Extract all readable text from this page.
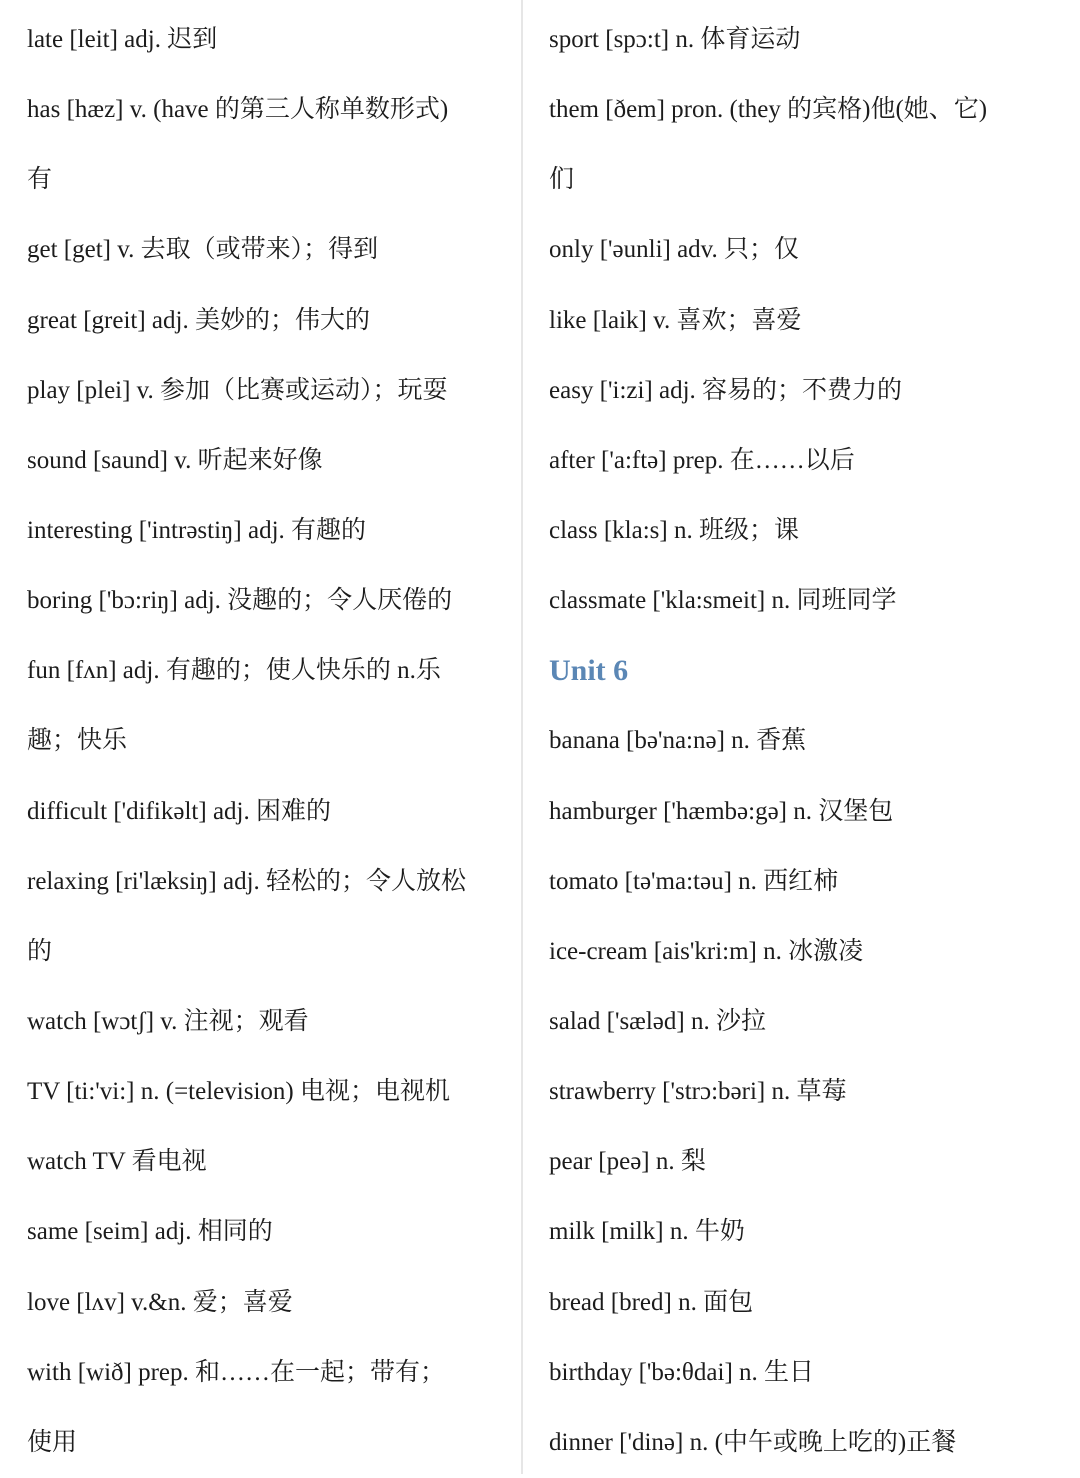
late [leit] adj. 迟到
has [hæz] v. (have 的第三人称单数形式)
有
get [get] v. 去取（或带来）；得到
great [greit] adj. 美妙的；伟大的
play [plei] v. 参加（比赛或运动）；玩耍
sound [saund] v. 听起来好像
interesting ['intrəstiŋ] adj. 有趣的
boring ['bɔ:riŋ] adj. 没趣的；令人厌倦的
fun [fʌn] adj. 有趣的；使人快乐的 n.乐
趣；快乐
difficult ['difikəlt] adj. 困难的
relaxing [ri'læksiŋ] adj. 轻松的；令人放松
的
watch [wɔtʃ] v. 注视；观看
TV [ti:'vi:] n. (=television) 电视；电视机
watch TV 看电视
same [seim] adj. 相同的
love [lʌv] v.&n. 爱；喜爱
with [wið] prep. 和……在一起；带有；
使用
sport [spɔ:t] n. 体育运动
them [ðem] pron. (they 的宾格)他(她、它)
们
only ['əunli] adv. 只；仅
like [laik] v. 喜欢；喜爱
easy ['i:zi] adj. 容易的；不费力的
after ['a:ftə] prep. 在……以后
class [kla:s] n. 班级；课
classmate ['kla:smeit] n. 同班同学
Unit 6
banana [bə'na:nə] n. 香蕉
hamburger ['hæmbə:gə] n. 汉堡包
tomato [tə'ma:təu] n. 西红柿
ice-cream [ais'kri:m] n. 冰激凌
salad ['sæləd] n. 沙拉
strawberry ['strɔ:bəri] n. 草莓
pear [peə] n. 梨
milk [milk] n. 牛奶
bread [bred] n. 面包
birthday ['bə:θdai] n. 生日
dinner ['dinə] n. (中午或晚上吃的)正餐
